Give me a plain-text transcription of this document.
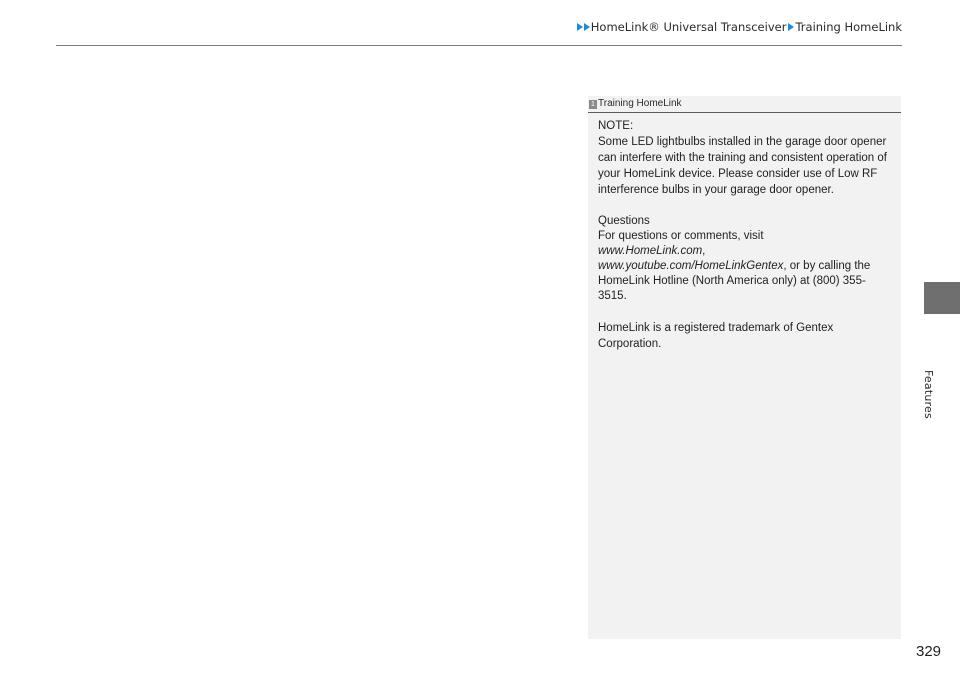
HomeLink® Universal Transceiver Training HomeLink
Features
1 Training HomeLink

NOTE:
Some LED lightbulbs installed in the garage door opener can interfere with the training and consistent operation of your HomeLink device. Please consider use of Low RF interference bulbs in your garage door opener.

Questions
For questions or comments, visit
www.HomeLink.com, www.youtube.com/HomeLinkGentex, or by calling the HomeLink Hotline (North America only) at (800) 355-3515.

HomeLink is a registered trademark of Gentex Corporation.

329
